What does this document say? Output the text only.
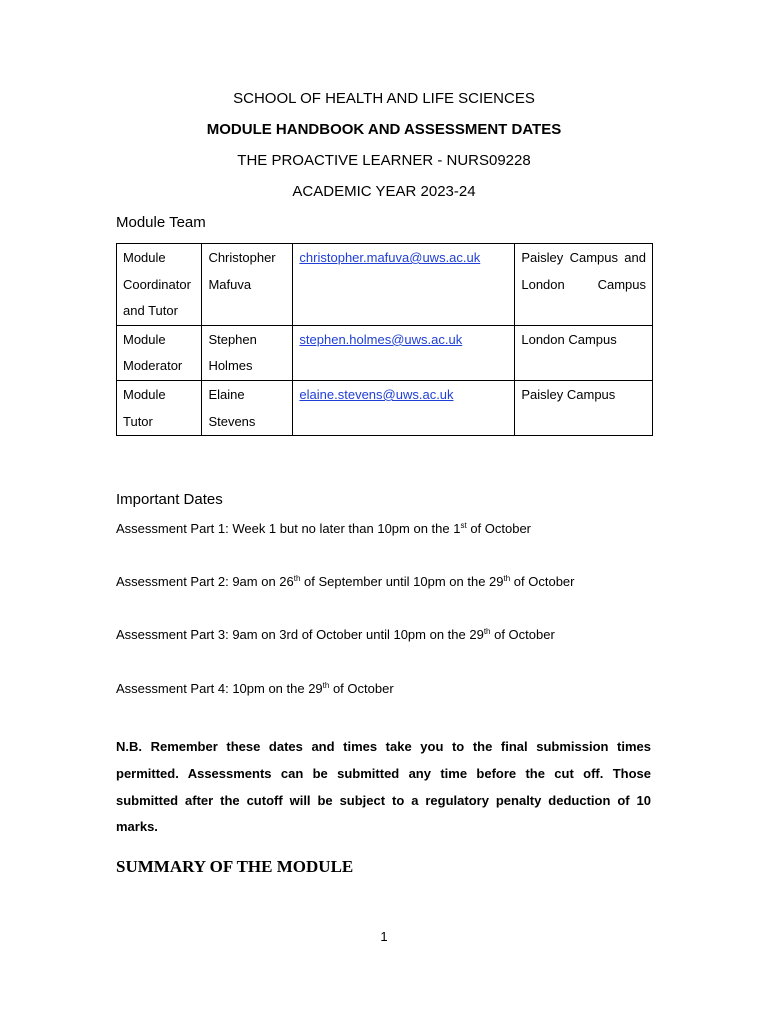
SCHOOL OF HEALTH AND LIFE SCIENCES
MODULE HANDBOOK AND ASSESSMENT DATES
THE PROACTIVE LEARNER - NURS09228
ACADEMIC YEAR 2023-24
Module Team
Module Coordinator and Tutor	Christopher Mafuva	christopher.mafuva@uws.ac.uk	Paisley Campus and London Campus
Module Moderator	Stephen Holmes	stephen.holmes@uws.ac.uk	London Campus
Module Tutor	Elaine Stevens	elaine.stevens@uws.ac.uk	Paisley Campus
Important Dates
Assessment Part 1: Week 1 but no later than 10pm on the 1st of October
Assessment Part 2: 9am on 26th of September until 10pm on the 29th of October
Assessment Part 3: 9am on 3rd of October until 10pm on the 29th of October
Assessment Part 4: 10pm on the 29th of October
N.B. Remember these dates and times take you to the final submission times permitted. Assessments can be submitted any time before the cut off. Those submitted after the cutoff will be subject to a regulatory penalty deduction of 10 marks.
SUMMARY OF THE MODULE
1
